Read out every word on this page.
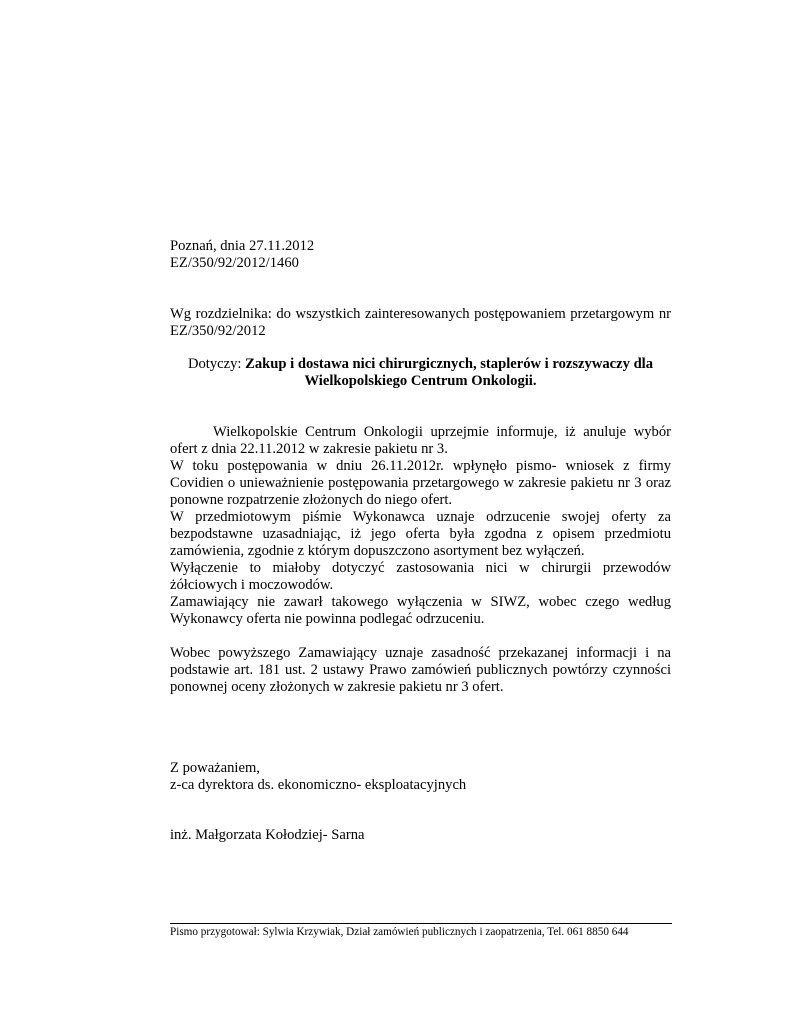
Poznań, dnia 27.11.2012
EZ/350/92/2012/1460
Wg rozdzielnika: do wszystkich zainteresowanych postępowaniem przetargowym nr
EZ/350/92/2012
Dotyczy: Zakup i dostawa nici chirurgicznych, staplerów i rozszywaczy dla
Wielkopolskiego Centrum Onkologii.
Wielkopolskie Centrum Onkologii uprzejmie informuje, iż anuluje wybór
ofert z dnia 22.11.2012 w zakresie pakietu nr 3.
W toku postępowania w dniu 26.11.2012r. wpłynęło pismo- wniosek z firmy
Covidien o unieważnienie postępowania przetargowego w zakresie pakietu nr 3 oraz
ponowne rozpatrzenie złożonych do niego ofert.
W przedmiotowym piśmie Wykonawca uznaje odrzucenie swojej oferty za
bezpodstawne uzasadniając, iż jego oferta była zgodna z opisem przedmiotu
zamówienia, zgodnie z którym dopuszczono asortyment bez wyłączeń.
Wyłączenie to miałoby dotyczyć zastosowania nici w chirurgii przewodów
żółciowych i moczowodów.
Zamawiający nie zawarł takowego wyłączenia w SIWZ, wobec czego według
Wykonawcy oferta nie powinna podlegać odrzuceniu.
Wobec powyższego Zamawiający uznaje zasadność przekazanej informacji i na
podstawie art. 181 ust. 2 ustawy Prawo zamówień publicznych powtórzy czynności
ponownej oceny złożonych w zakresie pakietu nr 3 ofert.
Z poważaniem,
z-ca dyrektora ds. ekonomiczno- eksploatacyjnych
inż. Małgorzata Kołodziej- Sarna
Pismo przygotował: Sylwia Krzywiak, Dział zamówień publicznych i zaopatrzenia, Tel. 061 8850 644
